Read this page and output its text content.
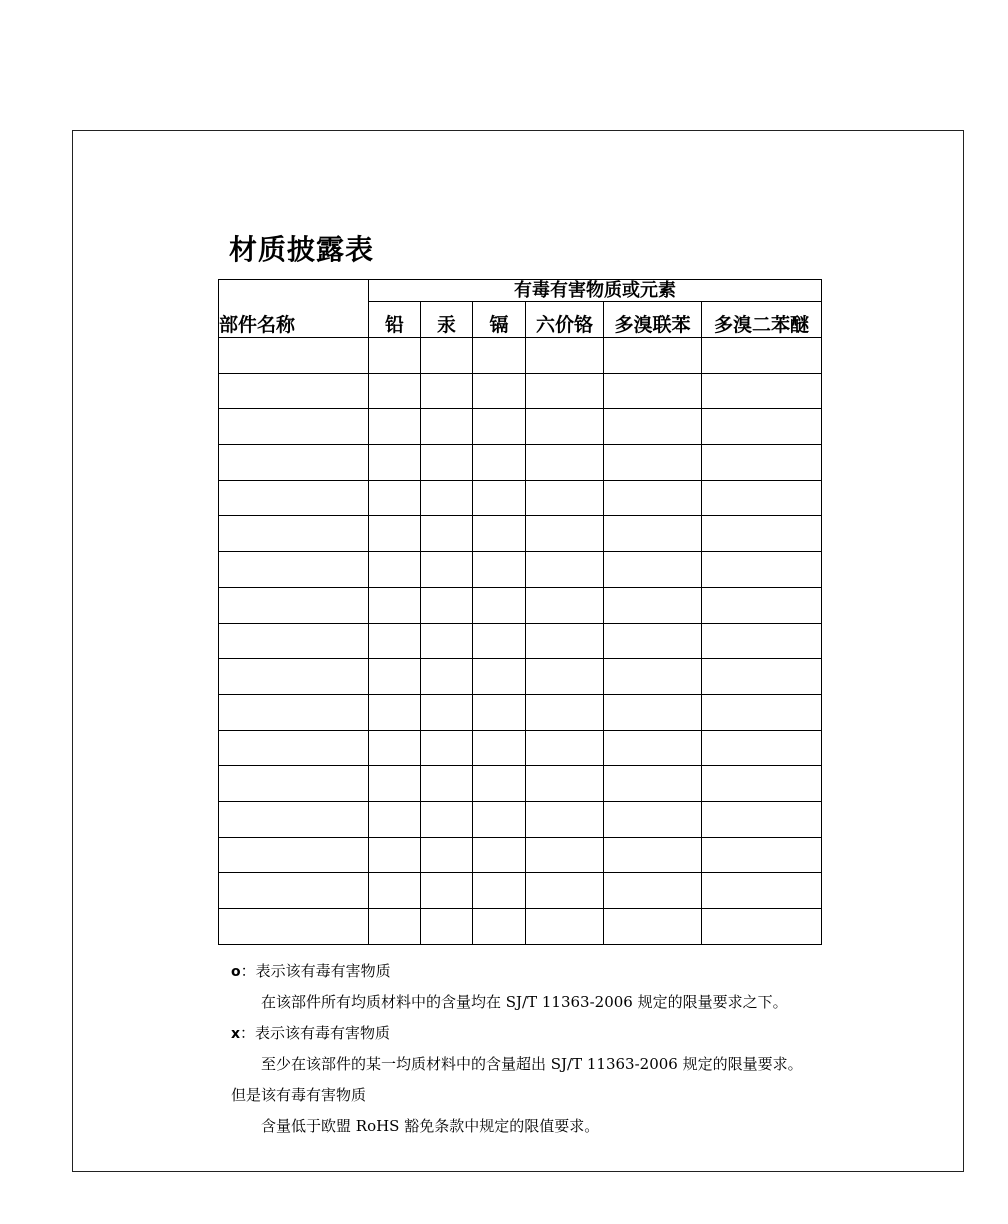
材质披露表
部件名称	有毒有害物质或元素					
	铅	汞	镉	六价铬	多溴联苯	多溴二苯醚

o：表示该有毒有害物质
在该部件所有均质材料中的含量均在 SJ/T 11363-2006 规定的限量要求之下。
x：表示该有毒有害物质
至少在该部件的某一均质材料中的含量超出 SJ/T 11363-2006 规定的限量要求。
但是该有毒有害物质
含量低于欧盟 RoHS 豁免条款中规定的限值要求。
